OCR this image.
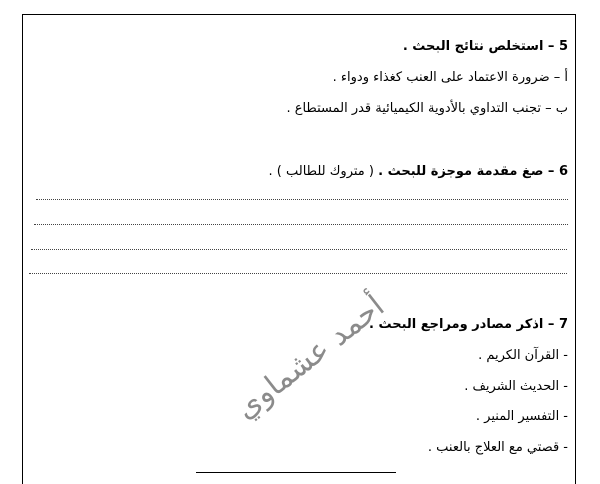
5 – استخلص نتائج البحث .
أ – ضرورة الاعتماد على العنب كغذاء ودواء .
ب – تجنب التداوي بالأدوية الكيميائية قدر المستطاع .
6 – صغ مقدمة موجزة للبحث . ( متروك للطالب ) .
7 – اذكر مصادر ومراجع البحث .
- القرآن الكريم .
- الحديث الشريف .
- التفسير المنير .
- قصتي مع العلاج بالعنب .
أحمد عشماوي
